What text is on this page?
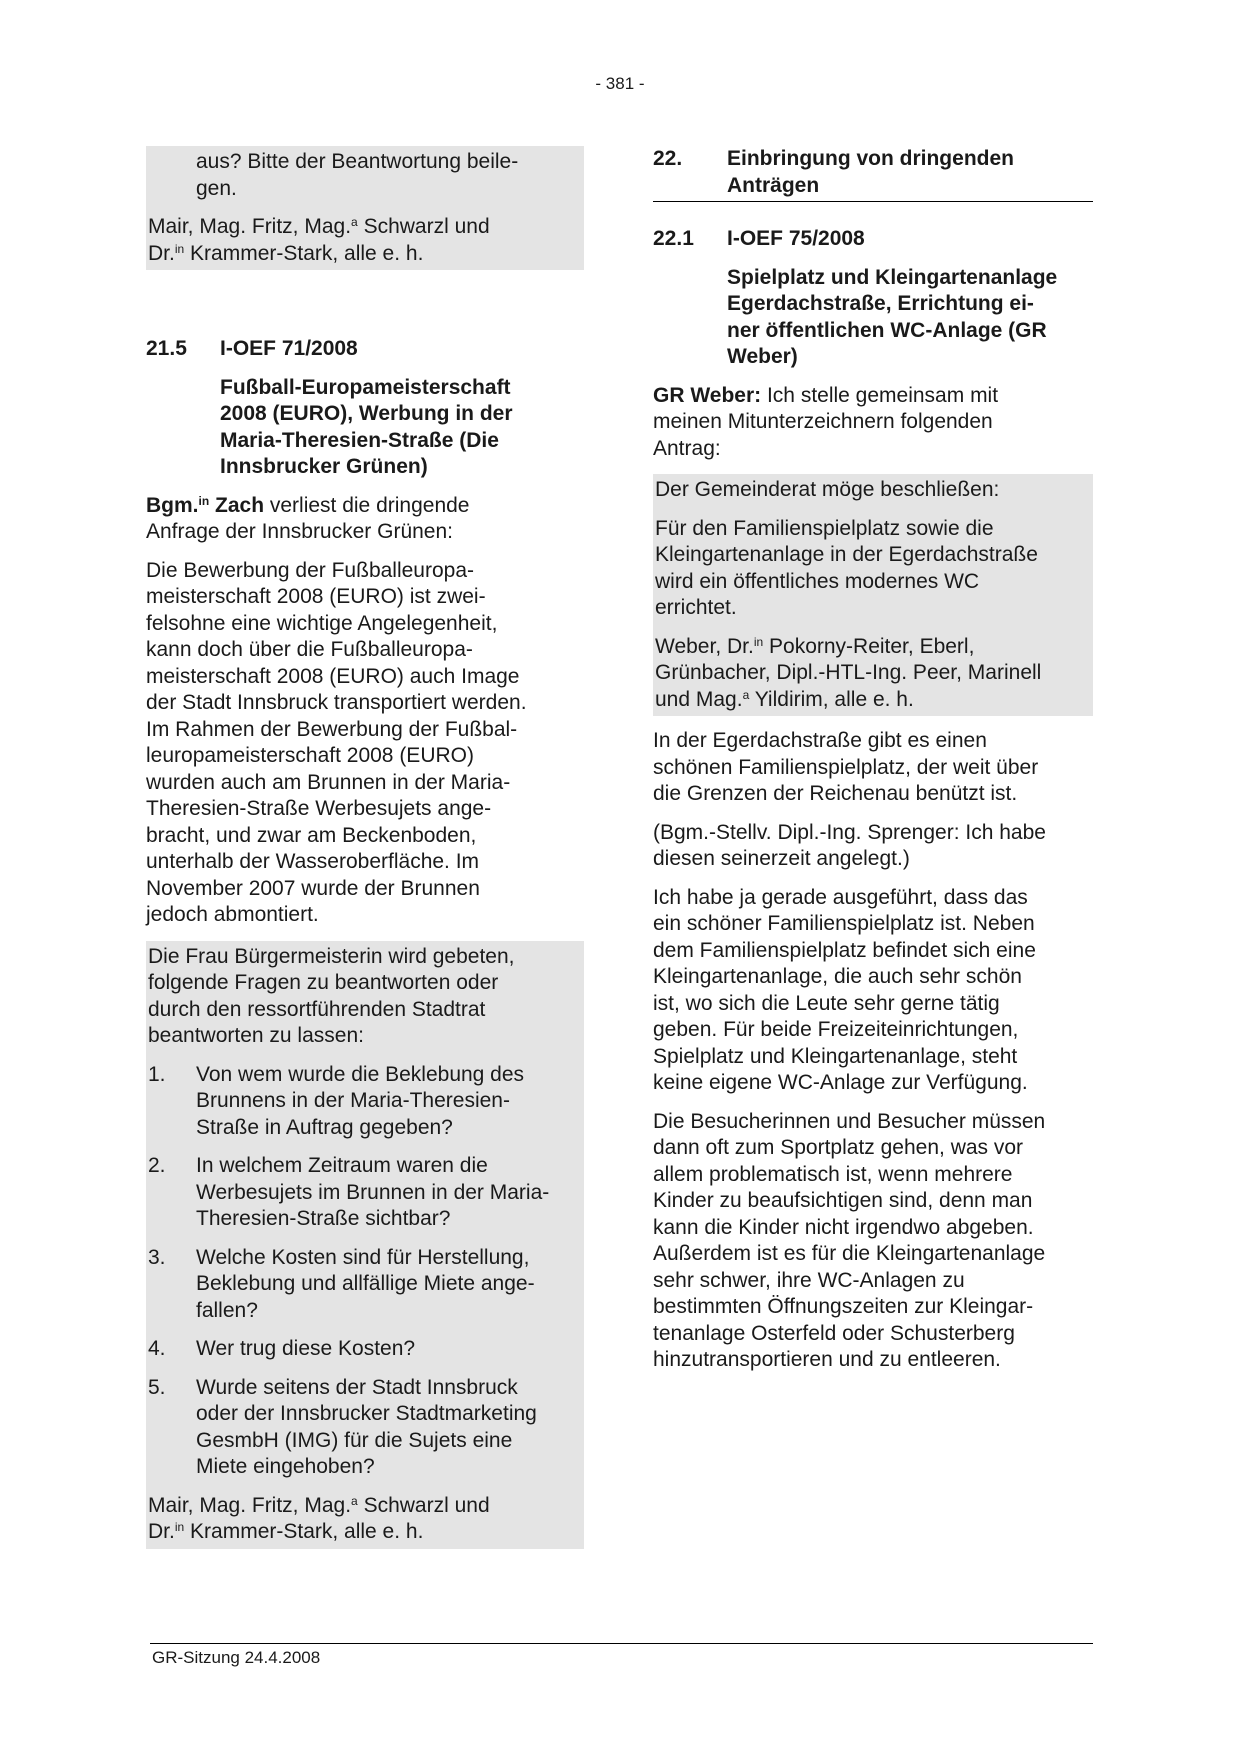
- 381 -
aus? Bitte der Beantwortung beile-
gen.
Mair, Mag. Fritz, Mag.$^a$ Schwarzl und
Dr.$^{in}$ Krammer-Stark, alle e. h.
21.5	I-OEF 71/2008
Fußball-Europameisterschaft
2008 (EURO), Werbung in der
Maria-Theresien-Straße (Die
Innsbrucker Grünen)
Bgm.$^{in}$ Zach verliest die dringende
Anfrage der Innsbrucker Grünen:
Die Bewerbung der Fußballeuropa-
meisterschaft 2008 (EURO) ist zwei-
felsohne eine wichtige Angelegenheit,
kann doch über die Fußballeuropa-
meisterschaft 2008 (EURO) auch Image
der Stadt Innsbruck transportiert werden.
Im Rahmen der Bewerbung der Fußbal-
leuropameisterschaft 2008 (EURO)
wurden auch am Brunnen in der Maria-
Theresien-Straße Werbesujets ange-
bracht, und zwar am Beckenboden,
unterhalb der Wasseroberfläche. Im
November 2007 wurde der Brunnen
jedoch abmontiert.
Die Frau Bürgermeisterin wird gebeten,
folgende Fragen zu beantworten oder
durch den ressortführenden Stadtrat
beantworten zu lassen:
1.	Von wem wurde die Beklebung des
Brunnens in der Maria-Theresien-
Straße in Auftrag gegeben?
2.	In welchem Zeitraum waren die
Werbesujets im Brunnen in der Maria-
Theresien-Straße sichtbar?
3.	Welche Kosten sind für Herstellung,
Beklebung und allfällige Miete ange-
fallen?
4.	Wer trug diese Kosten?
5.	Wurde seitens der Stadt Innsbruck
oder der Innsbrucker Stadtmarketing
GesmbH (IMG) für die Sujets eine
Miete eingehoben?
Mair, Mag. Fritz, Mag.$^a$ Schwarzl und
Dr.$^{in}$ Krammer-Stark, alle e. h.
22.	Einbringung von dringenden
Anträgen
22.1	I-OEF 75/2008
Spielplatz und Kleingartenanlage
Egerdachstraße, Errichtung ei-
ner öffentlichen WC-Anlage (GR
Weber)
GR Weber: Ich stelle gemeinsam mit
meinen Mitunterzeichnern folgenden
Antrag:
Der Gemeinderat möge beschließen:
Für den Familienspielplatz sowie die
Kleingartenanlage in der Egerdachstraße
wird ein öffentliches modernes WC
errichtet.
Weber, Dr.$^{in}$ Pokorny-Reiter, Eberl,
Grünbacher, Dipl.-HTL-Ing. Peer, Marinell
und Mag.$^a$ Yildirim, alle e. h.
In der Egerdachstraße gibt es einen
schönen Familienspielplatz, der weit über
die Grenzen der Reichenau benützt ist.
(Bgm.-Stellv. Dipl.-Ing. Sprenger: Ich habe
diesen seinerzeit angelegt.)
Ich habe ja gerade ausgeführt, dass das
ein schöner Familienspielplatz ist. Neben
dem Familienspielplatz befindet sich eine
Kleingartenanlage, die auch sehr schön
ist, wo sich die Leute sehr gerne tätig
geben. Für beide Freizeiteinrichtungen,
Spielplatz und Kleingartenanlage, steht
keine eigene WC-Anlage zur Verfügung.
Die Besucherinnen und Besucher müssen
dann oft zum Sportplatz gehen, was vor
allem problematisch ist, wenn mehrere
Kinder zu beaufsichtigen sind, denn man
kann die Kinder nicht irgendwo abgeben.
Außerdem ist es für die Kleingartenanlage
sehr schwer, ihre WC-Anlagen zu
bestimmten Öffnungszeiten zur Kleingar-
tenanlage Osterfeld oder Schusterberg
hinzutransportieren und zu entleeren.
GR-Sitzung 24.4.2008
